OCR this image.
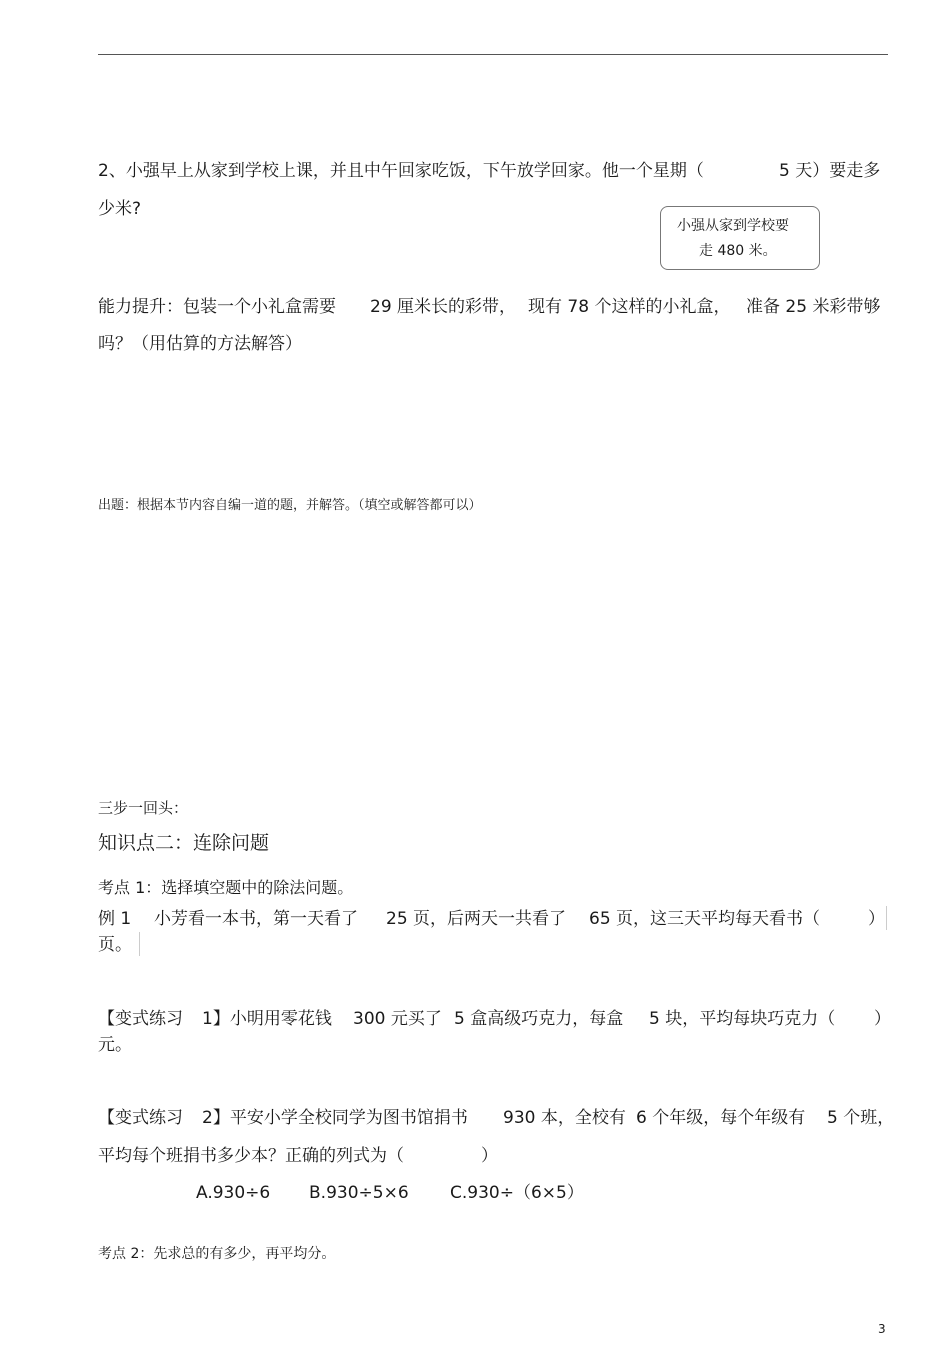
2、小强早上从家到学校上课，并且中午回家吃饭，下午放学回家。他一个星期（	5 天）要走多
少米?
小强从家到学校要
走 480 米。
能力提升：包装一个小礼盒需要 29 厘米长的彩带， 现有 78 个这样的小礼盒， 准备 25 米彩带够
吗？（用估算的方法解答）
出题：根据本节内容自编一道的题，并解答。（填空或解答都可以）
三步一回头：
知识点二：连除问题
考点 1：选择填空题中的除法问题。
例 1 小芳看一本书，第一天看了 25 页，后两天一共看了 65 页，这三天平均每天看书（	）
页。
【变式练习 1】小明用零花钱 300 元买了 5 盒高级巧克力，每盒 5 块，平均每块巧克力（ ）
元。
【变式练习 2】平安小学全校同学为图书馆捐书 930 本，全校有 6 个年级，每个年级有 5 个班，
平均每个班捐书多少本？正确的列式为（	）
A.930÷6 B.930÷5×6 C.930÷（6×5）
考点 2：先求总的有多少，再平均分。
3
